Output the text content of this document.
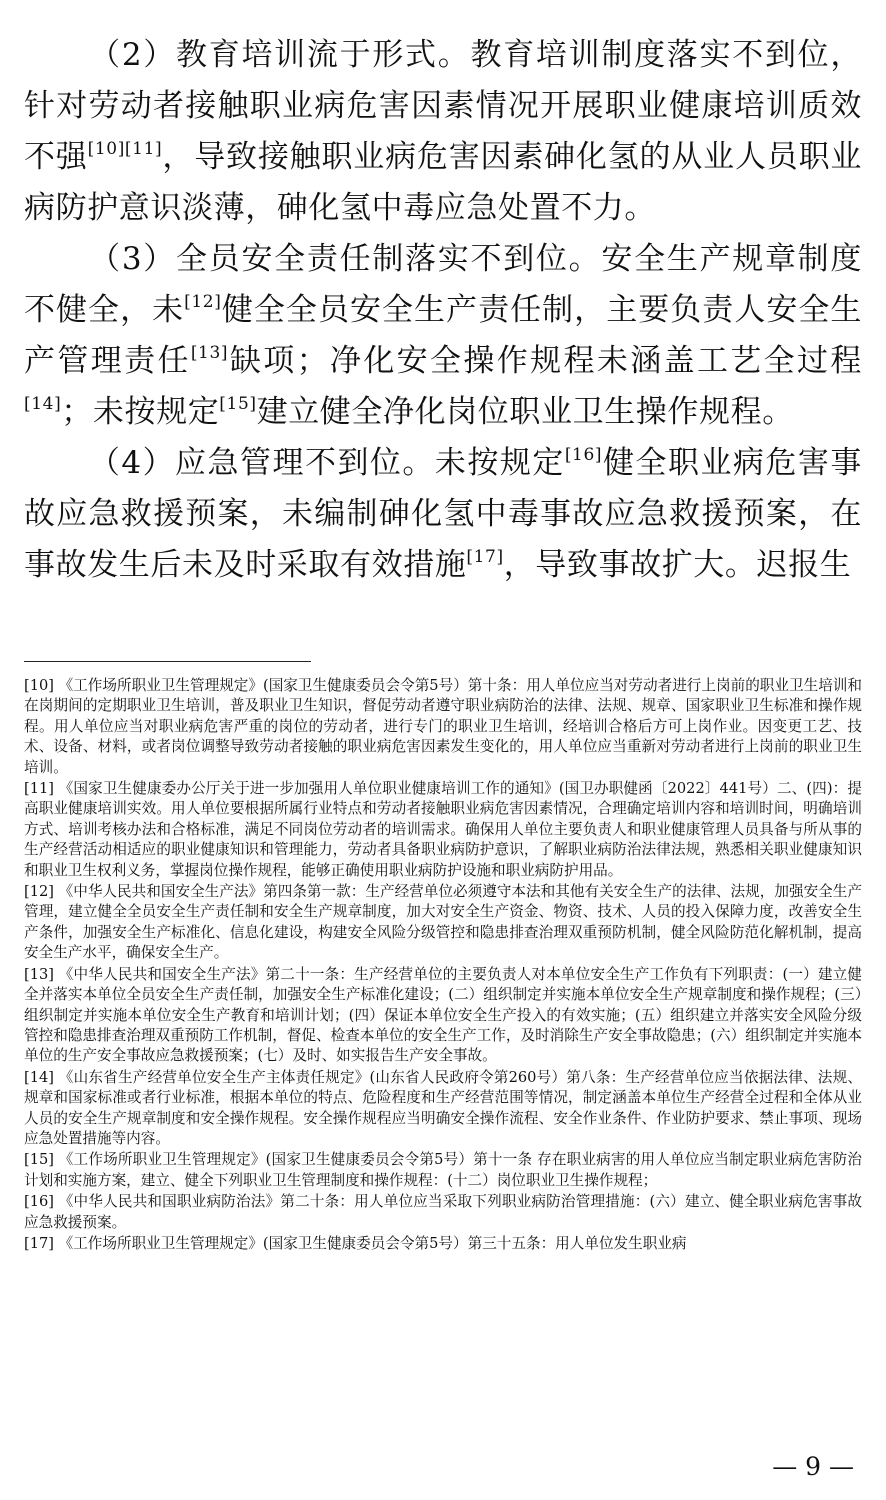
（2）教育培训流于形式。教育培训制度落实不到位，针对劳动者接触职业病危害因素情况开展职业健康培训质效不强[10][11]，导致接触职业病危害因素砷化氢的从业人员职业病防护意识淡薄，砷化氢中毒应急处置不力。

（3）全员安全责任制落实不到位。安全生产规章制度不健全，未[12]健全全员安全生产责任制，主要负责人安全生产管理责任[13]缺项；净化安全操作规程未涵盖工艺全过程[14]；未按规定[15]建立健全净化岗位职业卫生操作规程。

（4）应急管理不到位。未按规定[16]健全职业病危害事故应急救援预案，未编制砷化氢中毒事故应急救援预案，在事故发生后未及时采取有效措施[17]，导致事故扩大。迟报生

[10] 《工作场所职业卫生管理规定》(国家卫生健康委员会令第5号）第十条：用人单位应当对劳动者进行上岗前的职业卫生培训和在岗期间的定期职业卫生培训，普及职业卫生知识，督促劳动者遵守职业病防治的法律、法规、规章、国家职业卫生标准和操作规程。用人单位应当对职业病危害严重的岗位的劳动者，进行专门的职业卫生培训，经培训合格后方可上岗作业。因变更工艺、技术、设备、材料，或者岗位调整导致劳动者接触的职业病危害因素发生变化的，用人单位应当重新对劳动者进行上岗前的职业卫生培训。

[11] 《国家卫生健康委办公厅关于进一步加强用人单位职业健康培训工作的通知》(国卫办职健函〔2022〕441号）二、(四)：提高职业健康培训实效。用人单位要根据所属行业特点和劳动者接触职业病危害因素情况，合理确定培训内容和培训时间，明确培训方式、培训考核办法和合格标准，满足不同岗位劳动者的培训需求。确保用人单位主要负责人和职业健康管理人员具备与所从事的生产经营活动相适应的职业健康知识和管理能力，劳动者具备职业病防护意识，了解职业病防治法律法规，熟悉相关职业健康知识和职业卫生权利义务，掌握岗位操作规程，能够正确使用职业病防护设施和职业病防护用品。

[12] 《中华人民共和国安全生产法》第四条第一款：生产经营单位必须遵守本法和其他有关安全生产的法律、法规，加强安全生产管理，建立健全全员安全生产责任制和安全生产规章制度，加大对安全生产资金、物资、技术、人员的投入保障力度，改善安全生产条件，加强安全生产标准化、信息化建设，构建安全风险分级管控和隐患排查治理双重预防机制，健全风险防范化解机制，提高安全生产水平，确保安全生产。

[13] 《中华人民共和国安全生产法》第二十一条：生产经营单位的主要负责人对本单位安全生产工作负有下列职责：(一）建立健全并落实本单位全员安全生产责任制，加强安全生产标准化建设；(二）组织制定并实施本单位安全生产规章制度和操作规程；(三）组织制定并实施本单位安全生产教育和培训计划；(四）保证本单位安全生产投入的有效实施；(五）组织建立并落实安全风险分级管控和隐患排查治理双重预防工作机制，督促、检查本单位的安全生产工作，及时消除生产安全事故隐患；(六）组织制定并实施本单位的生产安全事故应急救援预案；(七）及时、如实报告生产安全事故。

[14] 《山东省生产经营单位安全生产主体责任规定》(山东省人民政府令第260号）第八条：生产经营单位应当依据法律、法规、规章和国家标准或者行业标准，根据本单位的特点、危险程度和生产经营范围等情况，制定涵盖本单位生产经营全过程和全体从业人员的安全生产规章制度和安全操作规程。安全操作规程应当明确安全操作流程、安全作业条件、作业防护要求、禁止事项、现场应急处置措施等内容。

[15] 《工作场所职业卫生管理规定》(国家卫生健康委员会令第5号）第十一条 存在职业病害的用人单位应当制定职业病危害防治计划和实施方案，建立、健全下列职业卫生管理制度和操作规程：(十二）岗位职业卫生操作规程；

[16] 《中华人民共和国职业病防治法》第二十条：用人单位应当采取下列职业病防治管理措施：(六）建立、健全职业病危害事故应急救援预案。

[17] 《工作场所职业卫生管理规定》(国家卫生健康委员会令第5号）第三十五条：用人单位发生职业病

— 9 —
